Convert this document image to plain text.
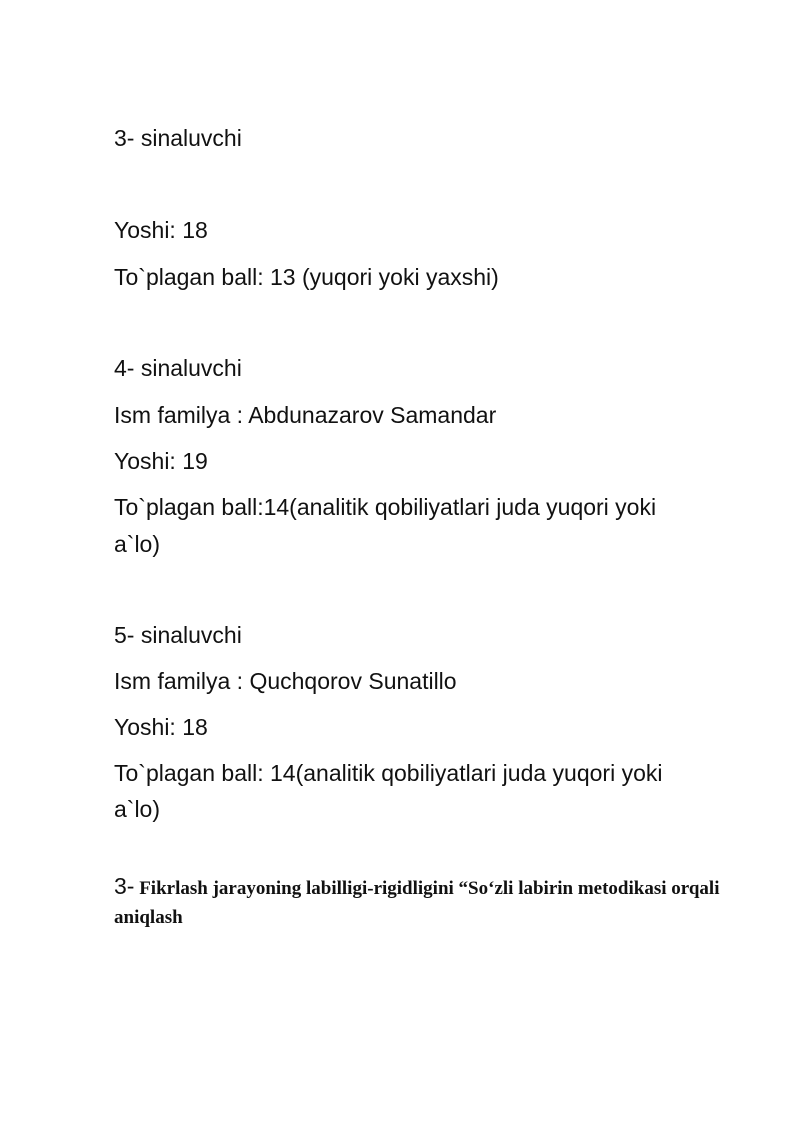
3- sinaluvchi
Yoshi: 18
To`plagan ball: 13 (yuqori yoki yaxshi)
4- sinaluvchi
Ism familya : Abdunazarov Samandar
Yoshi: 19
To`plagan ball:14(analitik qobiliyatlari juda yuqori yoki
a`lo)
5- sinaluvchi
Ism familya : Quchqorov Sunatillo
Yoshi: 18
To`plagan ball: 14(analitik qobiliyatlari juda yuqori yoki
a`lo)
3- Fikrlash jarayoning labilligi-rigidligini “So‘zli labirin metodikasi orqali aniqlash
